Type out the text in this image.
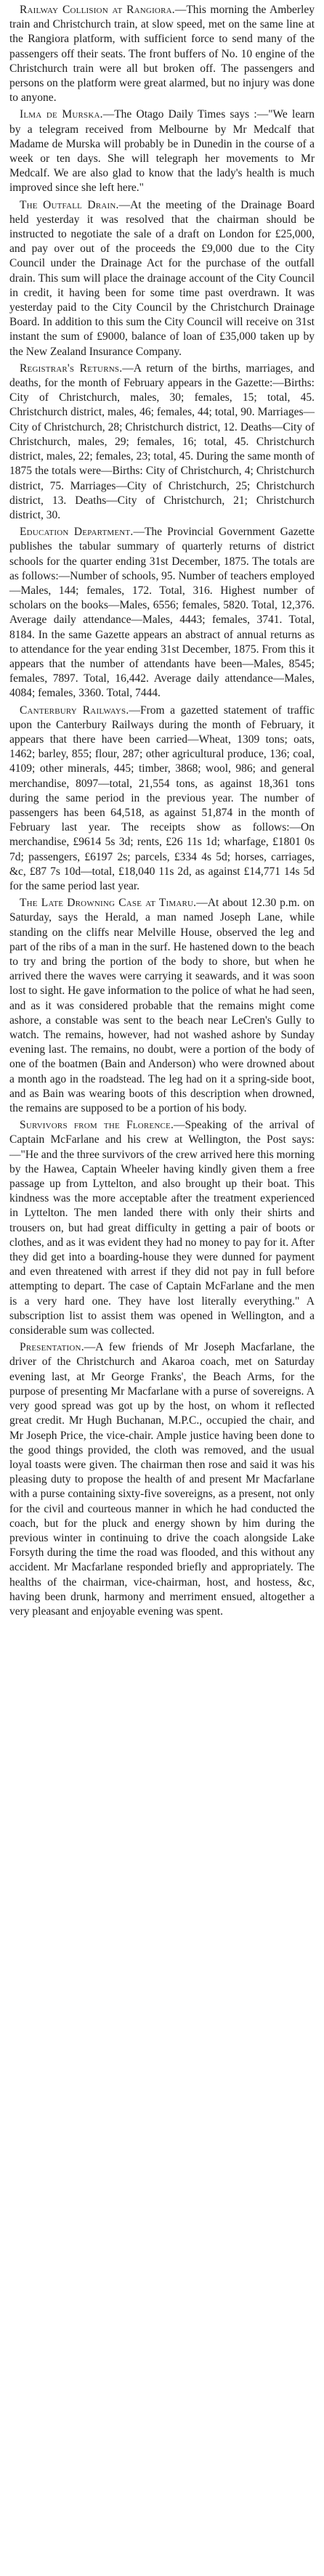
Railway Collision at Rangiora.—This morning the Amberley train and Christchurch train, at slow speed, met on the same line at the Rangiora platform, with sufficient force to send many of the passengers off their seats. The front buffers of No. 10 engine of the Christchurch train were all but broken off. The passengers and persons on the platform were great alarmed, but no injury was done to anyone.

Ilma de Murska.—The Otago Daily Times says :—"We learn by a telegram received from Melbourne by Mr Medcalf that Madame de Murska will probably be in Dunedin in the course of a week or ten days. She will telegraph her movements to Mr Medcalf. We are also glad to know that the lady's health is much improved since she left here."

The Outfall Drain.—At the meeting of the Drainage Board held yesterday it was resolved that the chairman should be instructed to negotiate the sale of a draft on London for £25,000, and pay over out of the proceeds the £9,000 due to the City Council under the Drainage Act for the purchase of the outfall drain. This sum will place the drainage account of the City Council in credit, it having been for some time past overdrawn. It was yesterday paid to the City Council by the Christchurch Drainage Board. In addition to this sum the City Council will receive on 31st instant the sum of £9000, balance of loan of £35,000 taken up by the New Zealand Insurance Company.

Registrar's Returns.—A return of the births, marriages, and deaths, for the month of February appears in the Gazette:—Births: City of Christchurch, males, 30; females, 15; total, 45. Christchurch district, males, 46; females, 44; total, 90. Marriages—City of Christchurch, 28; Christchurch district, 12. Deaths—City of Christchurch, males, 29; females, 16; total, 45. Christchurch district, males, 22; females, 23; total, 45. During the same month of 1875 the totals were—Births: City of Christchurch, 4; Christchurch district, 75. Marriages—City of Christchurch, 25; Christchurch district, 13. Deaths—City of Christchurch, 21; Christchurch district, 30.

Education Department.—The Provincial Government Gazette publishes the tabular summary of quarterly returns of district schools for the quarter ending 31st December, 1875. The totals are as follows:—Number of schools, 95. Number of teachers employed—Males, 144; females, 172. Total, 316. Highest number of scholars on the books—Males, 6556; females, 5820. Total, 12,376. Average daily attendance—Males, 4443; females, 3741. Total, 8184. In the same Gazette appears an abstract of annual returns as to attendance for the year ending 31st December, 1875. From this it appears that the number of attendants have been—Males, 8545; females, 7897. Total, 16,442. Average daily attendance—Males, 4084; females, 3360. Total, 7444.

Canterbury Railways.—From a gazetted statement of traffic upon the Canterbury Railways during the month of February, it appears that there have been carried—Wheat, 1309 tons; oats, 1462; barley, 855; flour, 287; other agricultural produce, 136; coal, 4109; other minerals, 445; timber, 3868; wool, 986; and general merchandise, 8097—total, 21,554 tons, as against 18,361 tons during the same period in the previous year. The number of passengers has been 64,518, as against 51,874 in the month of February last year. The receipts show as follows:—On merchandise, £9614 5s 3d; rents, £26 11s 1d; wharfage, £1801 0s 7d; passengers, £6197 2s; parcels, £334 4s 5d; horses, carriages, &c, £87 7s 10d—total, £18,040 11s 2d, as against £14,771 14s 5d for the same period last year.

The Late Drowning Case at Timaru.—At about 12.30 p.m. on Saturday, says the Herald, a man named Joseph Lane, while standing on the cliffs near Melville House, observed the leg and part of the ribs of a man in the surf. He hastened down to the beach to try and bring the portion of the body to shore, but when he arrived there the waves were carrying it seawards, and it was soon lost to sight. He gave information to the police of what he had seen, and as it was considered probable that the remains might come ashore, a constable was sent to the beach near LeCren's Gully to watch. The remains, however, had not washed ashore by Sunday evening last. The remains, no doubt, were a portion of the body of one of the boatmen (Bain and Anderson) who were drowned about a month ago in the roadstead. The leg had on it a spring-side boot, and as Bain was wearing boots of this description when drowned, the remains are supposed to be a portion of his body.

Survivors from the Florence.—Speaking of the arrival of Captain McFarlane and his crew at Wellington, the Post says:—"He and the three survivors of the crew arrived here this morning by the Hawea, Captain Wheeler having kindly given them a free passage up from Lyttelton, and also brought up their boat. This kindness was the more acceptable after the treatment experienced in Lyttelton. The men landed there with only their shirts and trousers on, but had great difficulty in getting a pair of boots or clothes, and as it was evident they had no money to pay for it. After they did get into a boarding-house they were dunned for payment and even threatened with arrest if they did not pay in full before attempting to depart. The case of Captain McFarlane and the men is a very hard one. They have lost literally everything." A subscription list to assist them was opened in Wellington, and a considerable sum was collected.

Presentation.—A few friends of Mr Joseph Macfarlane, the driver of the Christchurch and Akaroa coach, met on Saturday evening last, at Mr George Franks', the Beach Arms, for the purpose of presenting Mr Macfarlane with a purse of sovereigns. A very good spread was got up by the host, on whom it reflected great credit. Mr Hugh Buchanan, M.P.C., occupied the chair, and Mr Joseph Price, the vice-chair. Ample justice having been done to the good things provided, the cloth was removed, and the usual loyal toasts were given. The chairman then rose and said it was his pleasing duty to propose the health of and present Mr Macfarlane with a purse containing sixty-five sovereigns, as a present, not only for the civil and courteous manner in which he had conducted the coach, but for the pluck and energy shown by him during the previous winter in continuing to drive the coach alongside Lake Forsyth during the time the road was flooded, and this without any accident. Mr Macfarlane responded briefly and appropriately. The healths of the chairman, vice-chairman, host, and hostess, &c, having been drunk, harmony and merriment ensued, altogether a very pleasant and enjoyable evening was spent.
